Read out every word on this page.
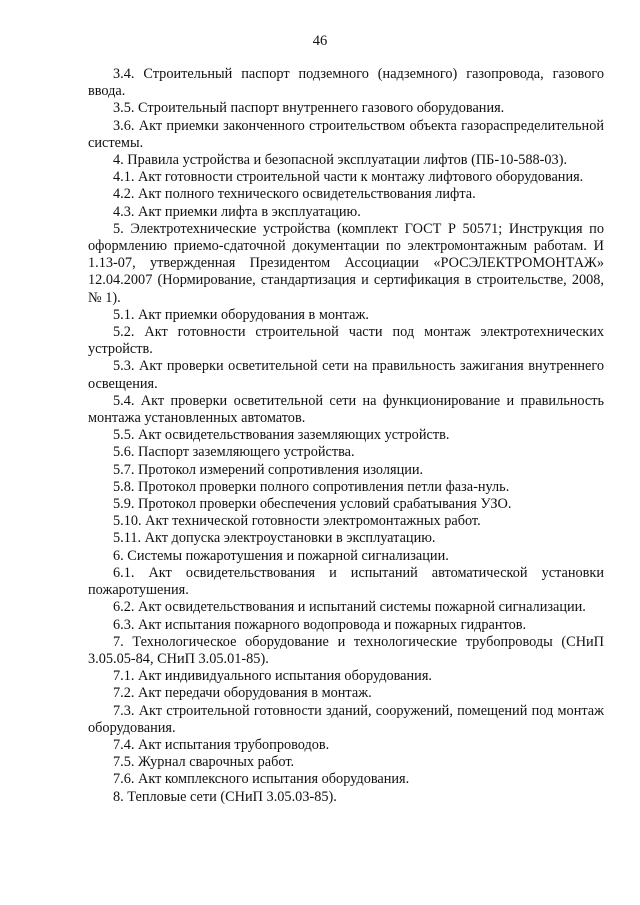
46

3.4. Строительный паспорт подземного (надземного) газопровода, газового ввода.

3.5. Строительный паспорт внутреннего газового оборудования.

3.6. Акт приемки законченного строительством объекта газораспределительной системы.

4. Правила устройства и безопасной эксплуатации лифтов (ПБ-10-588-03).

4.1. Акт готовности строительной части к монтажу лифтового оборудования.

4.2. Акт полного технического освидетельствования лифта.

4.3. Акт приемки лифта в эксплуатацию.

5. Электротехнические устройства (комплект ГОСТ Р 50571; Инструкция по оформлению приемо-сдаточной документации по электромонтажным работам. И 1.13-07, утвержденная Президентом Ассоциации «РОСЭЛЕКТРОМОНТАЖ» 12.04.2007 (Нормирование, стандартизация и сертификация в строительстве, 2008, № 1).

5.1. Акт приемки оборудования в монтаж.

5.2. Акт готовности строительной части под монтаж электротехнических устройств.

5.3. Акт проверки осветительной сети на правильность зажигания внутреннего освещения.

5.4. Акт проверки осветительной сети на функционирование и правильность монтажа установленных автоматов.

5.5. Акт освидетельствования заземляющих устройств.

5.6. Паспорт заземляющего устройства.

5.7. Протокол измерений сопротивления изоляции.

5.8. Протокол проверки полного сопротивления петли фаза-нуль.

5.9. Протокол проверки обеспечения условий срабатывания УЗО.

5.10. Акт технической готовности электромонтажных работ.

5.11. Акт допуска электроустановки в эксплуатацию.

6. Системы пожаротушения и пожарной сигнализации.

6.1. Акт освидетельствования и испытаний автоматической установки пожаротушения.

6.2. Акт освидетельствования и испытаний системы пожарной сигнализации.

6.3. Акт испытания пожарного водопровода и пожарных гидрантов.

7. Технологическое оборудование и технологические трубопроводы (СНиП 3.05.05-84, СНиП 3.05.01-85).

7.1. Акт индивидуального испытания оборудования.

7.2. Акт передачи оборудования в монтаж.

7.3. Акт строительной готовности зданий, сооружений, помещений под монтаж оборудования.

7.4. Акт испытания трубопроводов.

7.5. Журнал сварочных работ.

7.6. Акт комплексного испытания оборудования.

8. Тепловые сети (СНиП 3.05.03-85).
